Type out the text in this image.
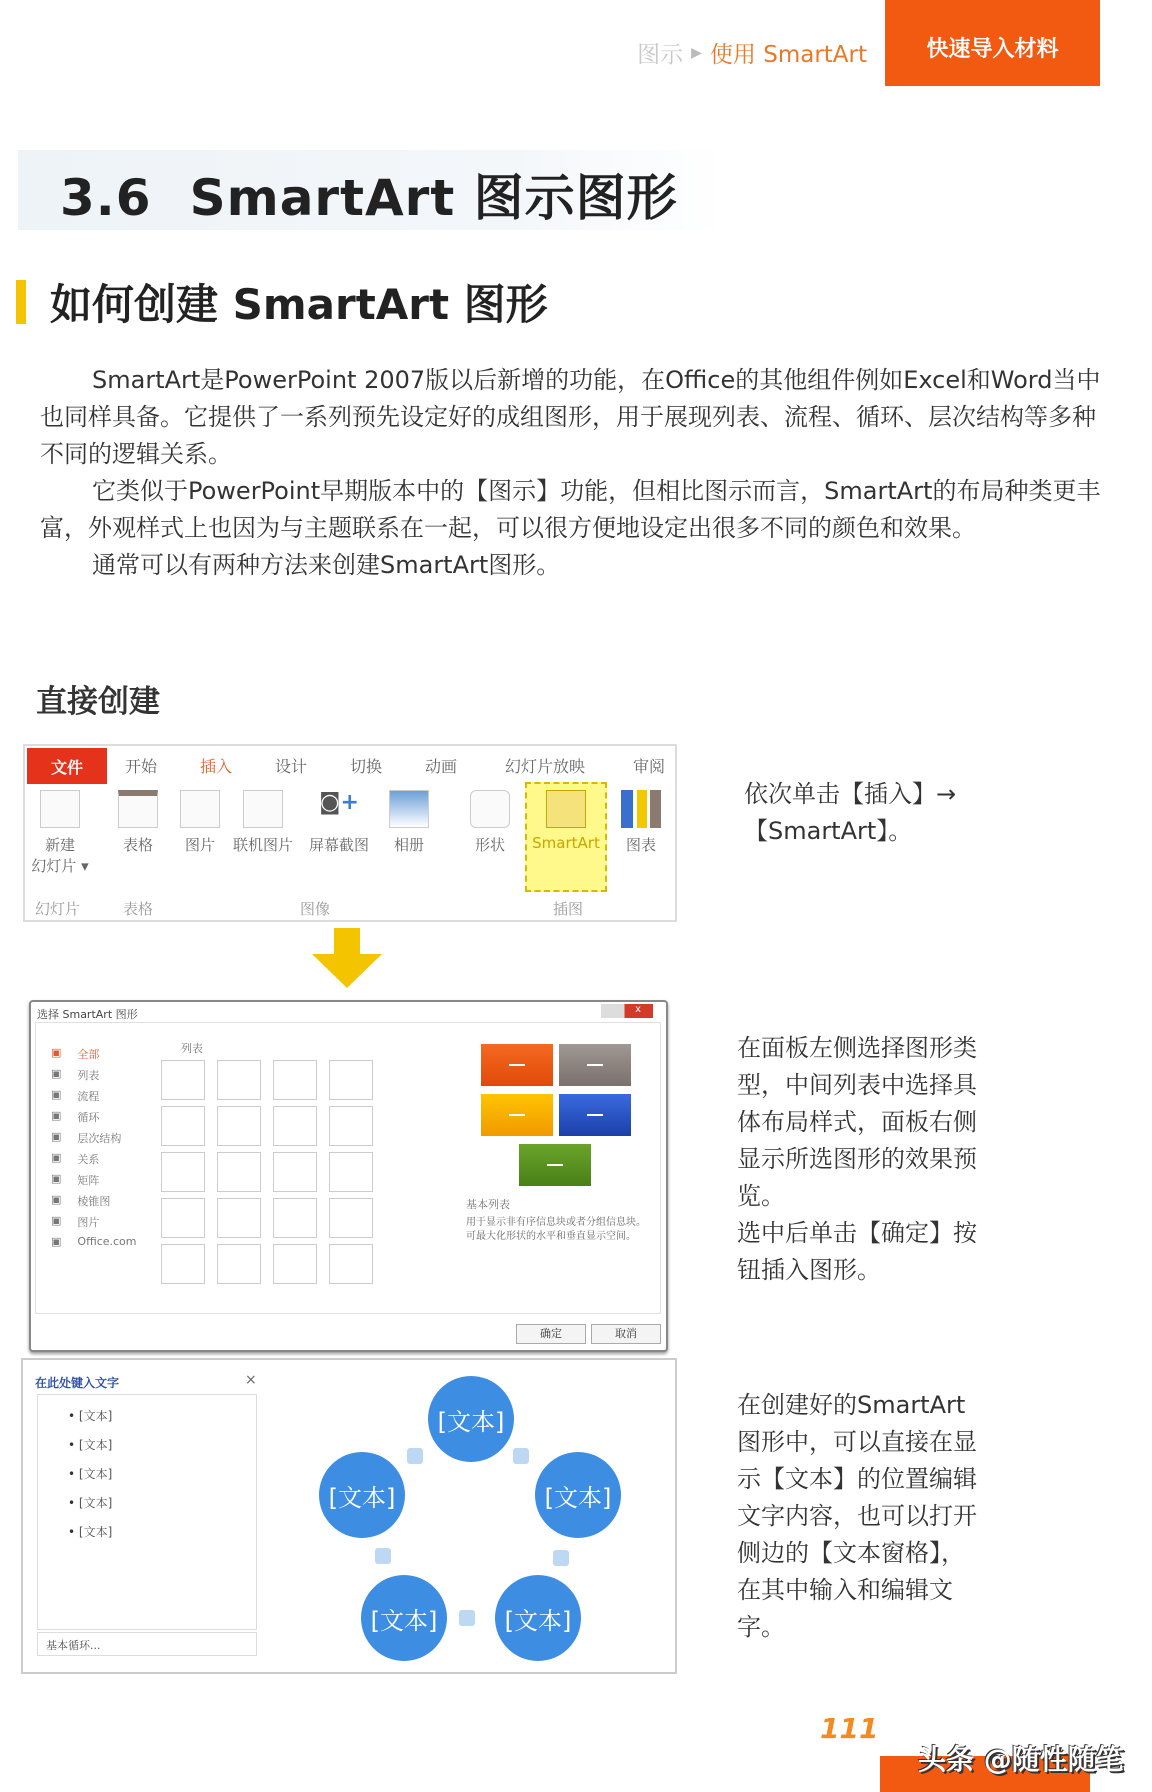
快速导入材料
图示 ▶ 使用 SmartArt
3.6 SmartArt 图示图形
如何创建 SmartArt 图形

SmartArt是PowerPoint 2007版以后新增的功能，在Office的其他组件例如Excel和Word当中也同样具备。它提供了一系列预先设定好的成组图形，用于展现列表、流程、循环、层次结构等多种不同的逻辑关系。

它类似于PowerPoint早期版本中的【图示】功能，但相比图示而言，SmartArt的布局种类更丰富，外观样式上也因为与主题联系在一起，可以很方便地设定出很多不同的颜色和效果。

通常可以有两种方法来创建SmartArt图形。

直接创建
文件	开始	插入	设计	切换	动画	幻灯片放映	审阅
新建
幻灯片 ▾
表格	图片	联机图片
◙+
屏幕截图	相册	形状	SmartArt	图表
幻灯片	表格	图像	插图
依次单击【插入】→【SmartArt】。
选择 SmartArt 图形	x
▣ 全部
▣ 列表
▣ 流程
▣ 循环
▣ 层次结构
▣ 关系
▣ 矩阵
▣ 棱锥图
▣ 图片
▣ Office.com
列表
基本列表
用于显示非有序信息块或者分组信息块。可最大化形状的水平和垂直显示空间。
确定	取消
在面板左侧选择图形类型，中间列表中选择具体布局样式，面板右侧显示所选图形的效果预览。
选中后单击【确定】按钮插入图形。
在此处键入文字	×
• [文本]
• [文本]
• [文本]
• [文本]
• [文本]
基本循环...
[文本]
[文本]
[文本]
[文本]
[文本]
在创建好的SmartArt图形中，可以直接在显示【文本】的位置编辑文字内容，也可以打开侧边的【文本窗格】，在其中输入和编辑文字。
111
头条 @随性随笔
